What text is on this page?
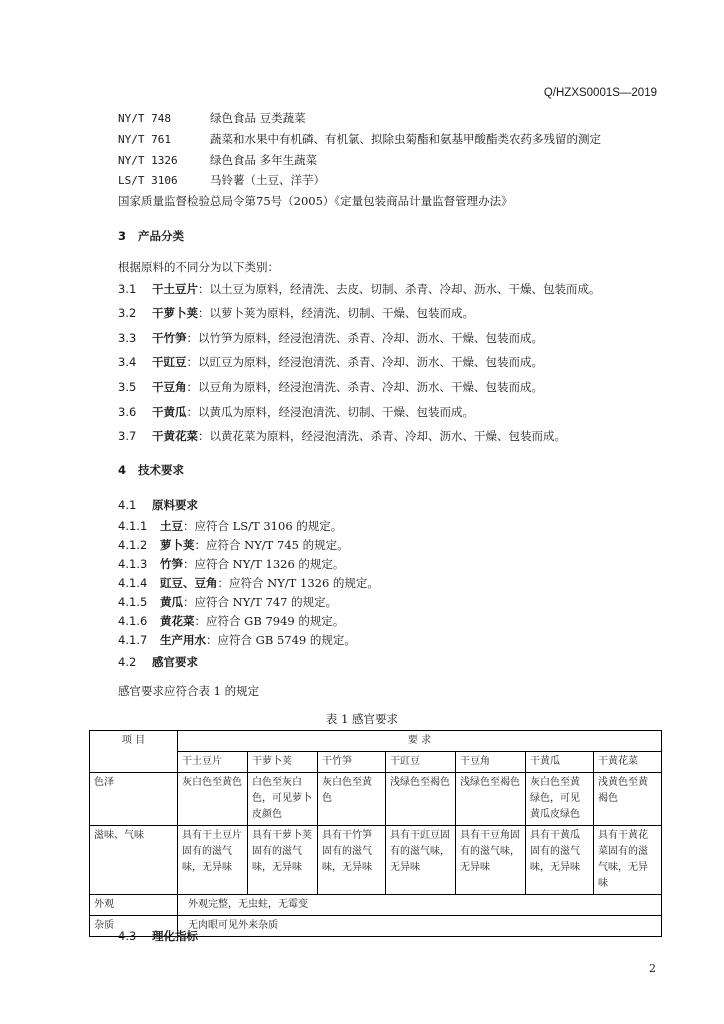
Q/HZXS0001S—2019
NY/T 748	绿色食品 豆类蔬菜
NY/T 761	蔬菜和水果中有机磷、有机氯、拟除虫菊酯和氨基甲酸酯类农药多残留的测定
NY/T 1326	绿色食品 多年生蔬菜
LS/T 3106	马铃薯（土豆、洋芋）
国家质量监督检验总局令第75号（2005）《定量包装商品计量监督管理办法》
3 产品分类
根据原料的不同分为以下类别：
3.1 干土豆片：以土豆为原料，经清洗、去皮、切制、杀青、冷却、沥水、干燥、包装而成。
3.2 干萝卜荚：以萝卜荚为原料，经清洗、切制、干燥、包装而成。
3.3 干竹笋：以竹笋为原料，经浸泡清洗、杀青、冷却、沥水、干燥、包装而成。
3.4 干豇豆：以豇豆为原料，经浸泡清洗、杀青、冷却、沥水、干燥、包装而成。
3.5 干豆角：以豆角为原料，经浸泡清洗、杀青、冷却、沥水、干燥、包装而成。
3.6 干黄瓜：以黄瓜为原料，经浸泡清洗、切制、干燥、包装而成。
3.7 干黄花菜：以黄花菜为原料，经浸泡清洗、杀青、冷却、沥水、干燥、包装而成。
4 技术要求
4.1 原料要求
4.1.1 土豆：应符合 LS/T 3106 的规定。
4.1.2 萝卜荚：应符合 NY/T 745 的规定。
4.1.3 竹笋：应符合 NY/T 1326 的规定。
4.1.4 豇豆、豆角：应符合 NY/T 1326 的规定。
4.1.5 黄瓜：应符合 NY/T 747 的规定。
4.1.6 黄花菜：应符合 GB 7949 的规定。
4.1.7 生产用水：应符合 GB 5749 的规定。
4.2 感官要求
感官要求应符合表 1 的规定
表 1 感官要求
项 目	要 求						
	干土豆片	干萝卜荚	干竹笋	干豇豆	干豆角	干黄瓜	干黄花菜
色泽	灰白色至黄色	白色至灰白色，可见萝卜皮颜色	灰白色至黄色	浅绿色至褐色	浅绿色至褐色	灰白色至黄绿色，可见黄瓜皮绿色	浅黄色至黄褐色
滋味、气味	具有干土豆片固有的滋气味，无异味	具有干萝卜荚固有的滋气味，无异味	具有干竹笋固有的滋气味，无异味	具有干豇豆固有的滋气味，无异味	具有干豆角固有的滋气味，无异味	具有干黄瓜固有的滋气味，无异味	具有干黄花菜固有的滋气味，无异味
外观	外观完整，无虫蛀，无霉变						
杂质	无肉眼可见外来杂质						
4.3 理化指标
2
